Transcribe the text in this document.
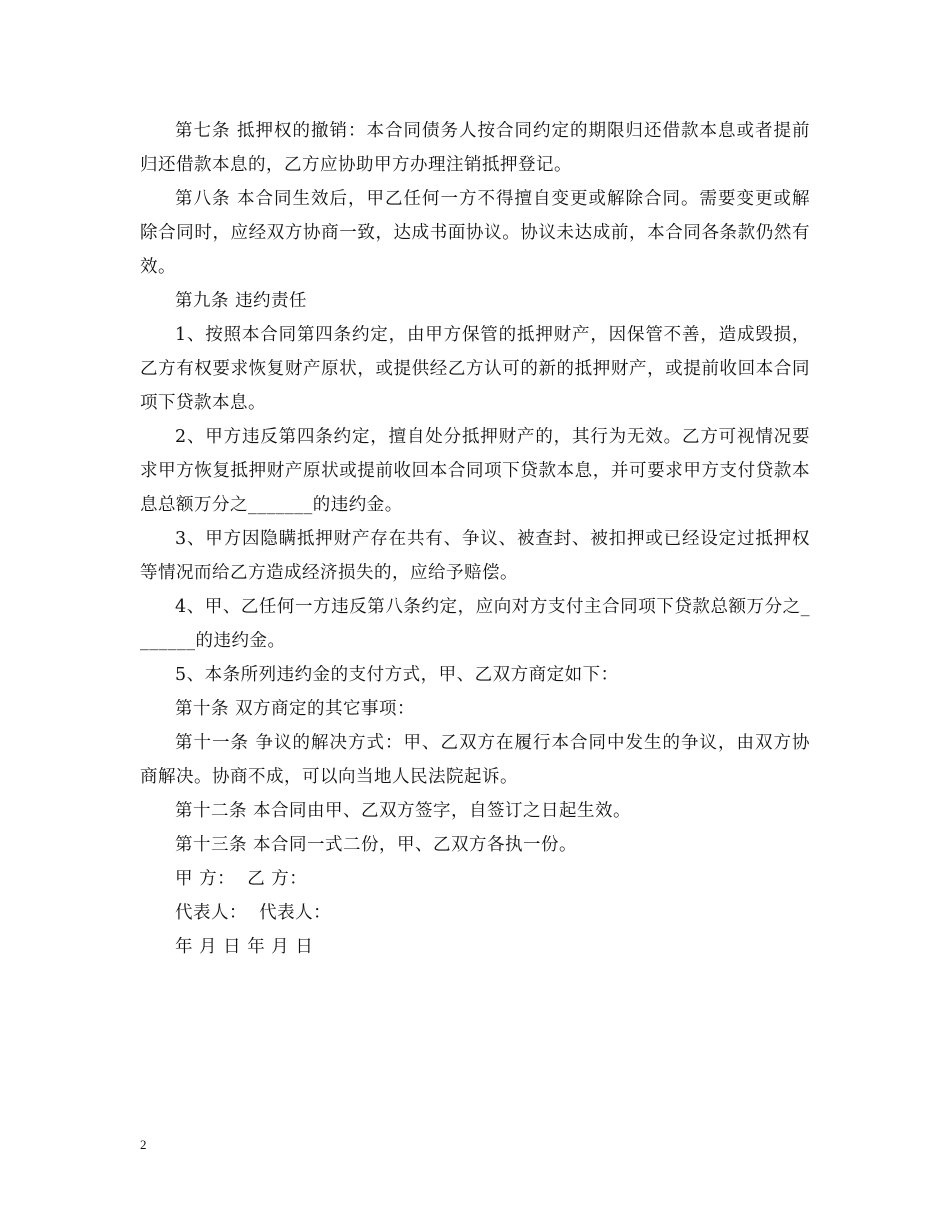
第七条 抵押权的撤销：本合同债务人按合同约定的期限归还借款本息或者提前归还借款本息的，乙方应协助甲方办理注销抵押登记。

第八条 本合同生效后，甲乙任何一方不得擅自变更或解除合同。需要变更或解除合同时，应经双方协商一致，达成书面协议。协议未达成前，本合同各条款仍然有效。

第九条 违约责任

1、按照本合同第四条约定，由甲方保管的抵押财产，因保管不善，造成毁损，乙方有权要求恢复财产原状，或提供经乙方认可的新的抵押财产，或提前收回本合同项下贷款本息。

2、甲方违反第四条约定，擅自处分抵押财产的，其行为无效。乙方可视情况要求甲方恢复抵押财产原状或提前收回本合同项下贷款本息，并可要求甲方支付贷款本息总额万分之_______的违约金。

3、甲方因隐瞒抵押财产存在共有、争议、被查封、被扣押或已经设定过抵押权等情况而给乙方造成经济损失的，应给予赔偿。

4、甲、乙任何一方违反第八条约定，应向对方支付主合同项下贷款总额万分之_______的违约金。

5、本条所列违约金的支付方式，甲、乙双方商定如下：

第十条 双方商定的其它事项：

第十一条 争议的解决方式：甲、乙双方在履行本合同中发生的争议，由双方协商解决。协商不成，可以向当地人民法院起诉。

第十二条 本合同由甲、乙双方签字，自签订之日起生效。

第十三条 本合同一式二份，甲、乙双方各执一份。

甲 方：  乙 方：

代表人：  代表人：

年 月 日 年 月 日

2
